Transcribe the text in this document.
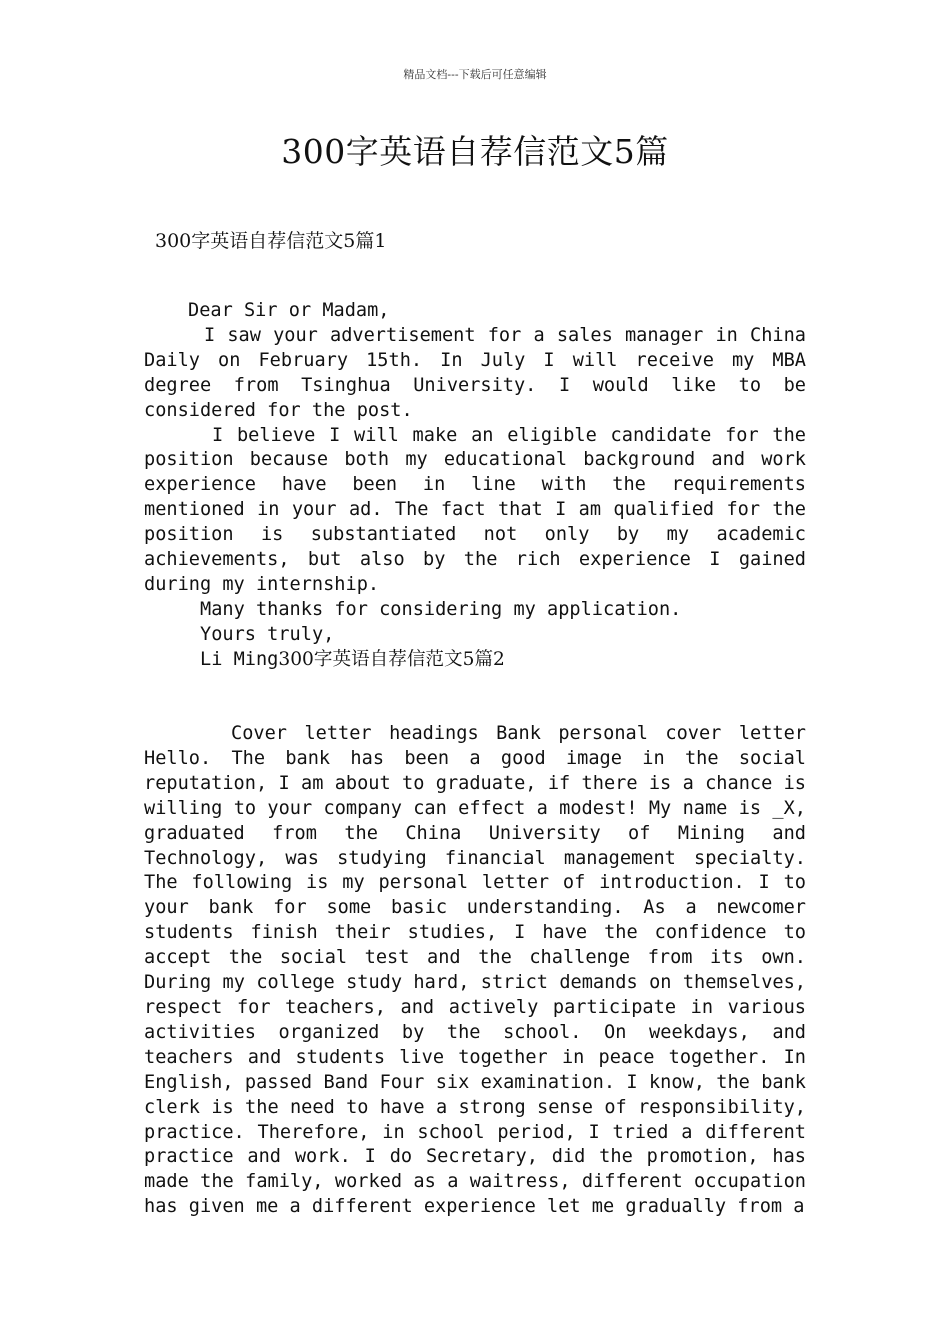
精品文档---下载后可任意编辑
300字英语自荐信范文5篇
300字英语自荐信范文5篇1

Dear Sir or Madam,

I saw your advertisement for a sales manager in China Daily on February 15th. In July I will receive my MBA degree from Tsinghua University. I would like to be considered for the post.

I believe I will make an eligible candidate for the position because both my educational background and work experience have been in line with the requirements mentioned in your ad. The fact that I am qualified for the position is substantiated not only by my academic achievements, but also by the rich experience I gained during my internship.

Many thanks for considering my application.

Yours truly,

Li Ming300字英语自荐信范文5篇2

Cover letter headings Bank personal cover letter Hello. The bank has been a good image in the social reputation, I am about to graduate, if there is a chance is willing to your company can effect a modest! My name is _X, graduated from the China University of Mining and Technology, was studying financial management specialty. The following is my personal letter of introduction. I to your bank for some basic understanding. As a newcomer students finish their studies, I have the confidence to accept the social test and the challenge from its own. During my college study hard, strict demands on themselves, respect for teachers, and actively participate in various activities organized by the school. On weekdays, and teachers and students live together in peace together. In English, passed Band Four six examination. I know, the bank clerk is the need to have a strong sense of responsibility, practice. Therefore, in school period, I tried a different practice and work. I do Secretary, did the promotion, has made the family, worked as a waitress, different occupation has given me a different experience let me gradually from a
